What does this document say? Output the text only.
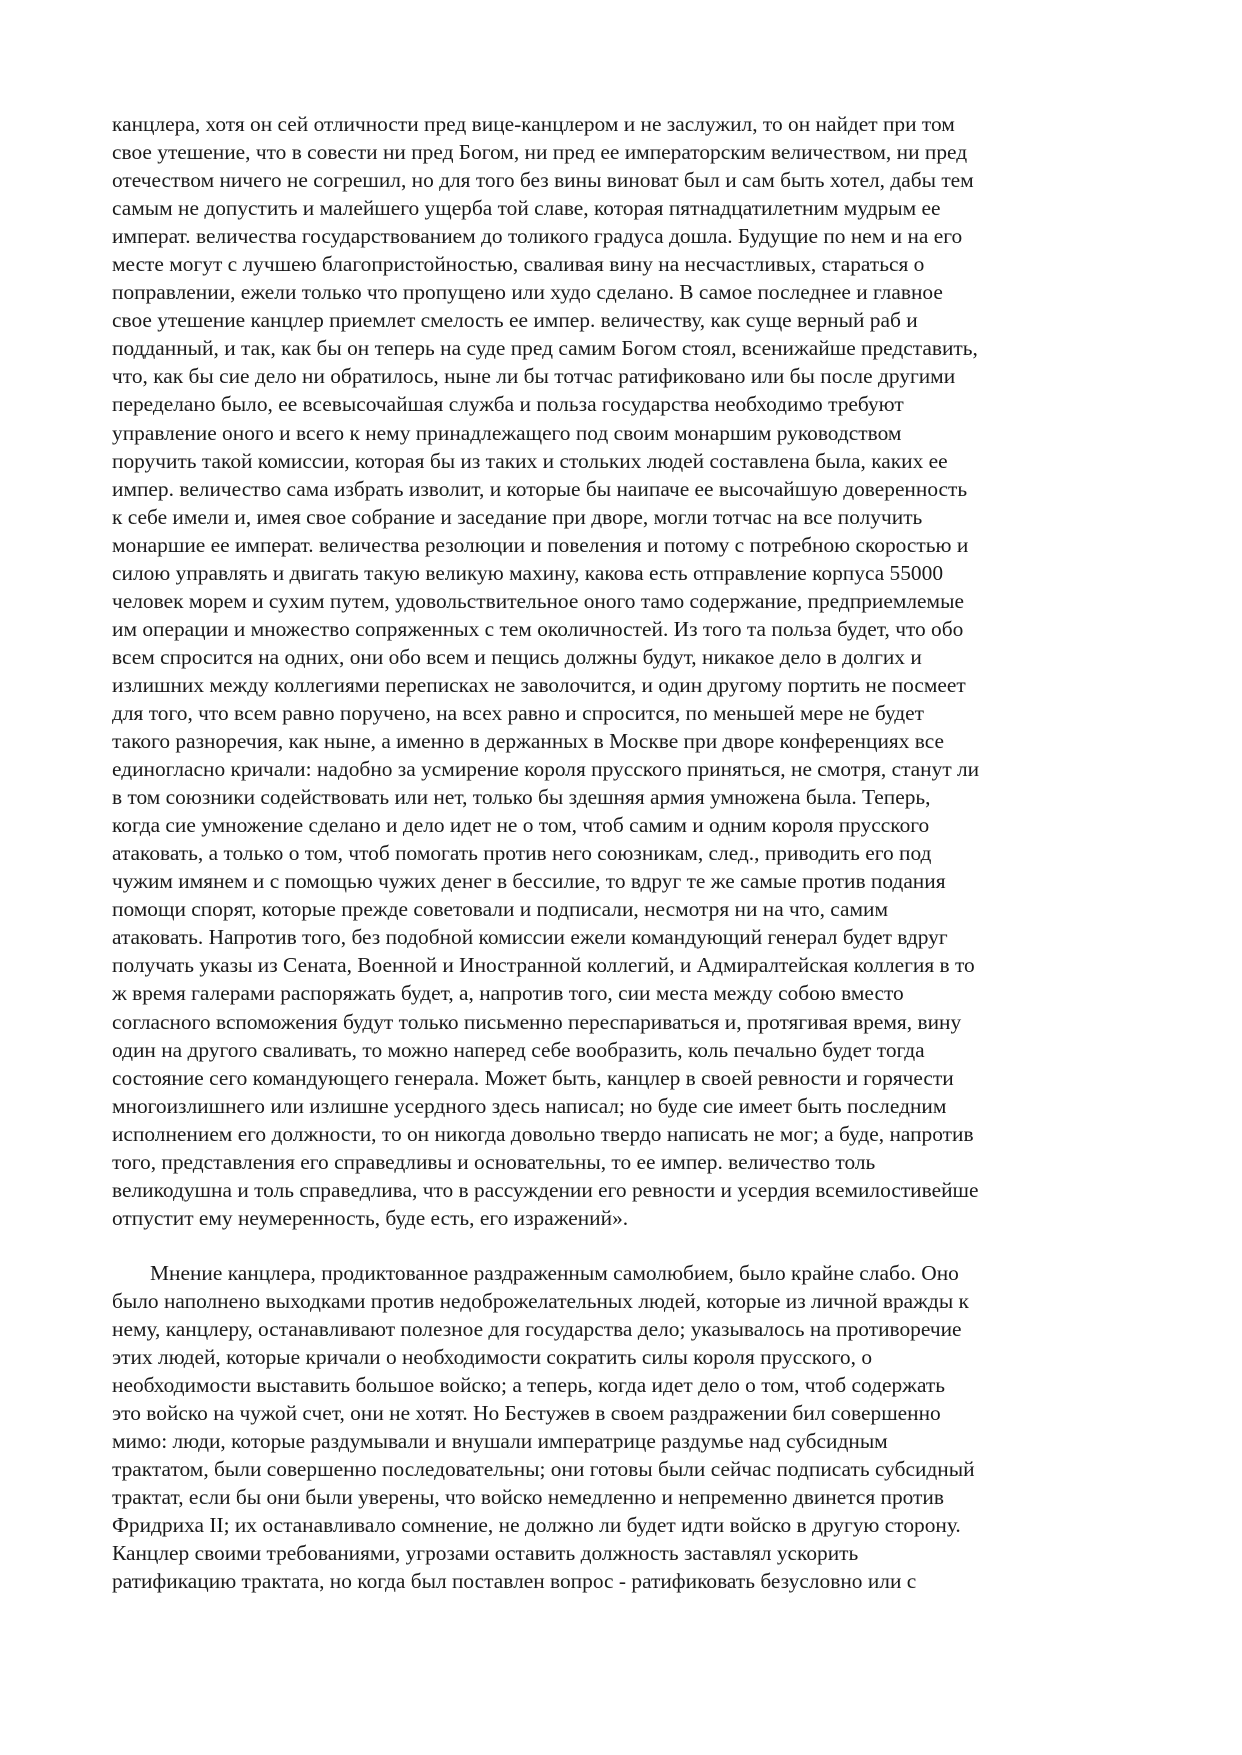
канцлера, хотя он сей отличности пред вице-канцлером и не заслужил, то он найдет при том
свое утешение, что в совести ни пред Богом, ни пред ее императорским величеством, ни пред
отечеством ничего не согрешил, но для того без вины виноват был и сам быть хотел, дабы тем
самым не допустить и малейшего ущерба той славе, которая пятнадцатилетним мудрым ее
императ. величества государствованием до толикого градуса дошла. Будущие по нем и на его
месте могут с лучшею благопристойностью, сваливая вину на несчастливых, стараться о
поправлении, ежели только что пропущено или худо сделано. В самое последнее и главное
свое утешение канцлер приемлет смелость ее импер. величеству, как суще верный раб и
подданный, и так, как бы он теперь на суде пред самим Богом стоял, всенижайше представить,
что, как бы сие дело ни обратилось, ныне ли бы тотчас ратификовано или бы после другими
переделано было, ее всевысочайшая служба и польза государства необходимо требуют
управление оного и всего к нему принадлежащего под своим монаршим руководством
поручить такой комиссии, которая бы из таких и стольких людей составлена была, каких ее
импер. величество сама избрать изволит, и которые бы наипаче ее высочайшую доверенность
к себе имели и, имея свое собрание и заседание при дворе, могли тотчас на все получить
монаршие ее императ. величества резолюции и повеления и потому с потребною скоростью и
силою управлять и двигать такую великую махину, какова есть отправление корпуса 55000
человек морем и сухим путем, удовольствительное оного тамо содержание, предприемлемые
им операции и множество сопряженных с тем околичностей. Из того та польза будет, что обо
всем спросится на одних, они обо всем и пещись должны будут, никакое дело в долгих и
излишних между коллегиями переписках не заволочится, и один другому портить не посмеет
для того, что всем равно поручено, на всех равно и спросится, по меньшей мере не будет
такого разноречия, как ныне, а именно в держанных в Москве при дворе конференциях все
единогласно кричали: надобно за усмирение короля прусского приняться, не смотря, станут ли
в том союзники содействовать или нет, только бы здешняя армия умножена была. Теперь,
когда сие умножение сделано и дело идет не о том, чтоб самим и одним короля прусского
атаковать, а только о том, чтоб помогать против него союзникам, след., приводить его под
чужим имянем и с помощью чужих денег в бессилие, то вдруг те же самые против подания
помощи спорят, которые прежде советовали и подписали, несмотря ни на что, самим
атаковать. Напротив того, без подобной комиссии ежели командующий генерал будет вдруг
получать указы из Сената, Военной и Иностранной коллегий, и Адмиралтейская коллегия в то
ж время галерами распоряжать будет, а, напротив того, сии места между собою вместо
согласного вспоможения будут только письменно переспариваться и, протягивая время, вину
один на другого сваливать, то можно наперед себе вообразить, коль печально будет тогда
состояние сего командующего генерала. Может быть, канцлер в своей ревности и горячести
многоизлишнего или излишне усердного здесь написал; но буде сие имеет быть последним
исполнением его должности, то он никогда довольно твердо написать не мог; а буде, напротив
того, представления его справедливы и основательны, то ее импер. величество толь
великодушна и толь справедлива, что в рассуждении его ревности и усердия всемилостивейше
отпустит ему неумеренность, буде есть, его изражений».

Мнение канцлера, продиктованное раздраженным самолюбием, было крайне слабо. Оно
было наполнено выходками против недоброжелательных людей, которые из личной вражды к
нему, канцлеру, останавливают полезное для государства дело; указывалось на противоречие
этих людей, которые кричали о необходимости сократить силы короля прусского, о
необходимости выставить большое войско; а теперь, когда идет дело о том, чтоб содержать
это войско на чужой счет, они не хотят. Но Бестужев в своем раздражении бил совершенно
мимо: люди, которые раздумывали и внушали императрице раздумье над субсидным
трактатом, были совершенно последовательны; они готовы были сейчас подписать субсидный
трактат, если бы они были уверены, что войско немедленно и непременно двинется против
Фридриха II; их останавливало сомнение, не должно ли будет идти войско в другую сторону.
Канцлер своими требованиями, угрозами оставить должность заставлял ускорить
ратификацию трактата, но когда был поставлен вопрос - ратификовать безусловно или с
